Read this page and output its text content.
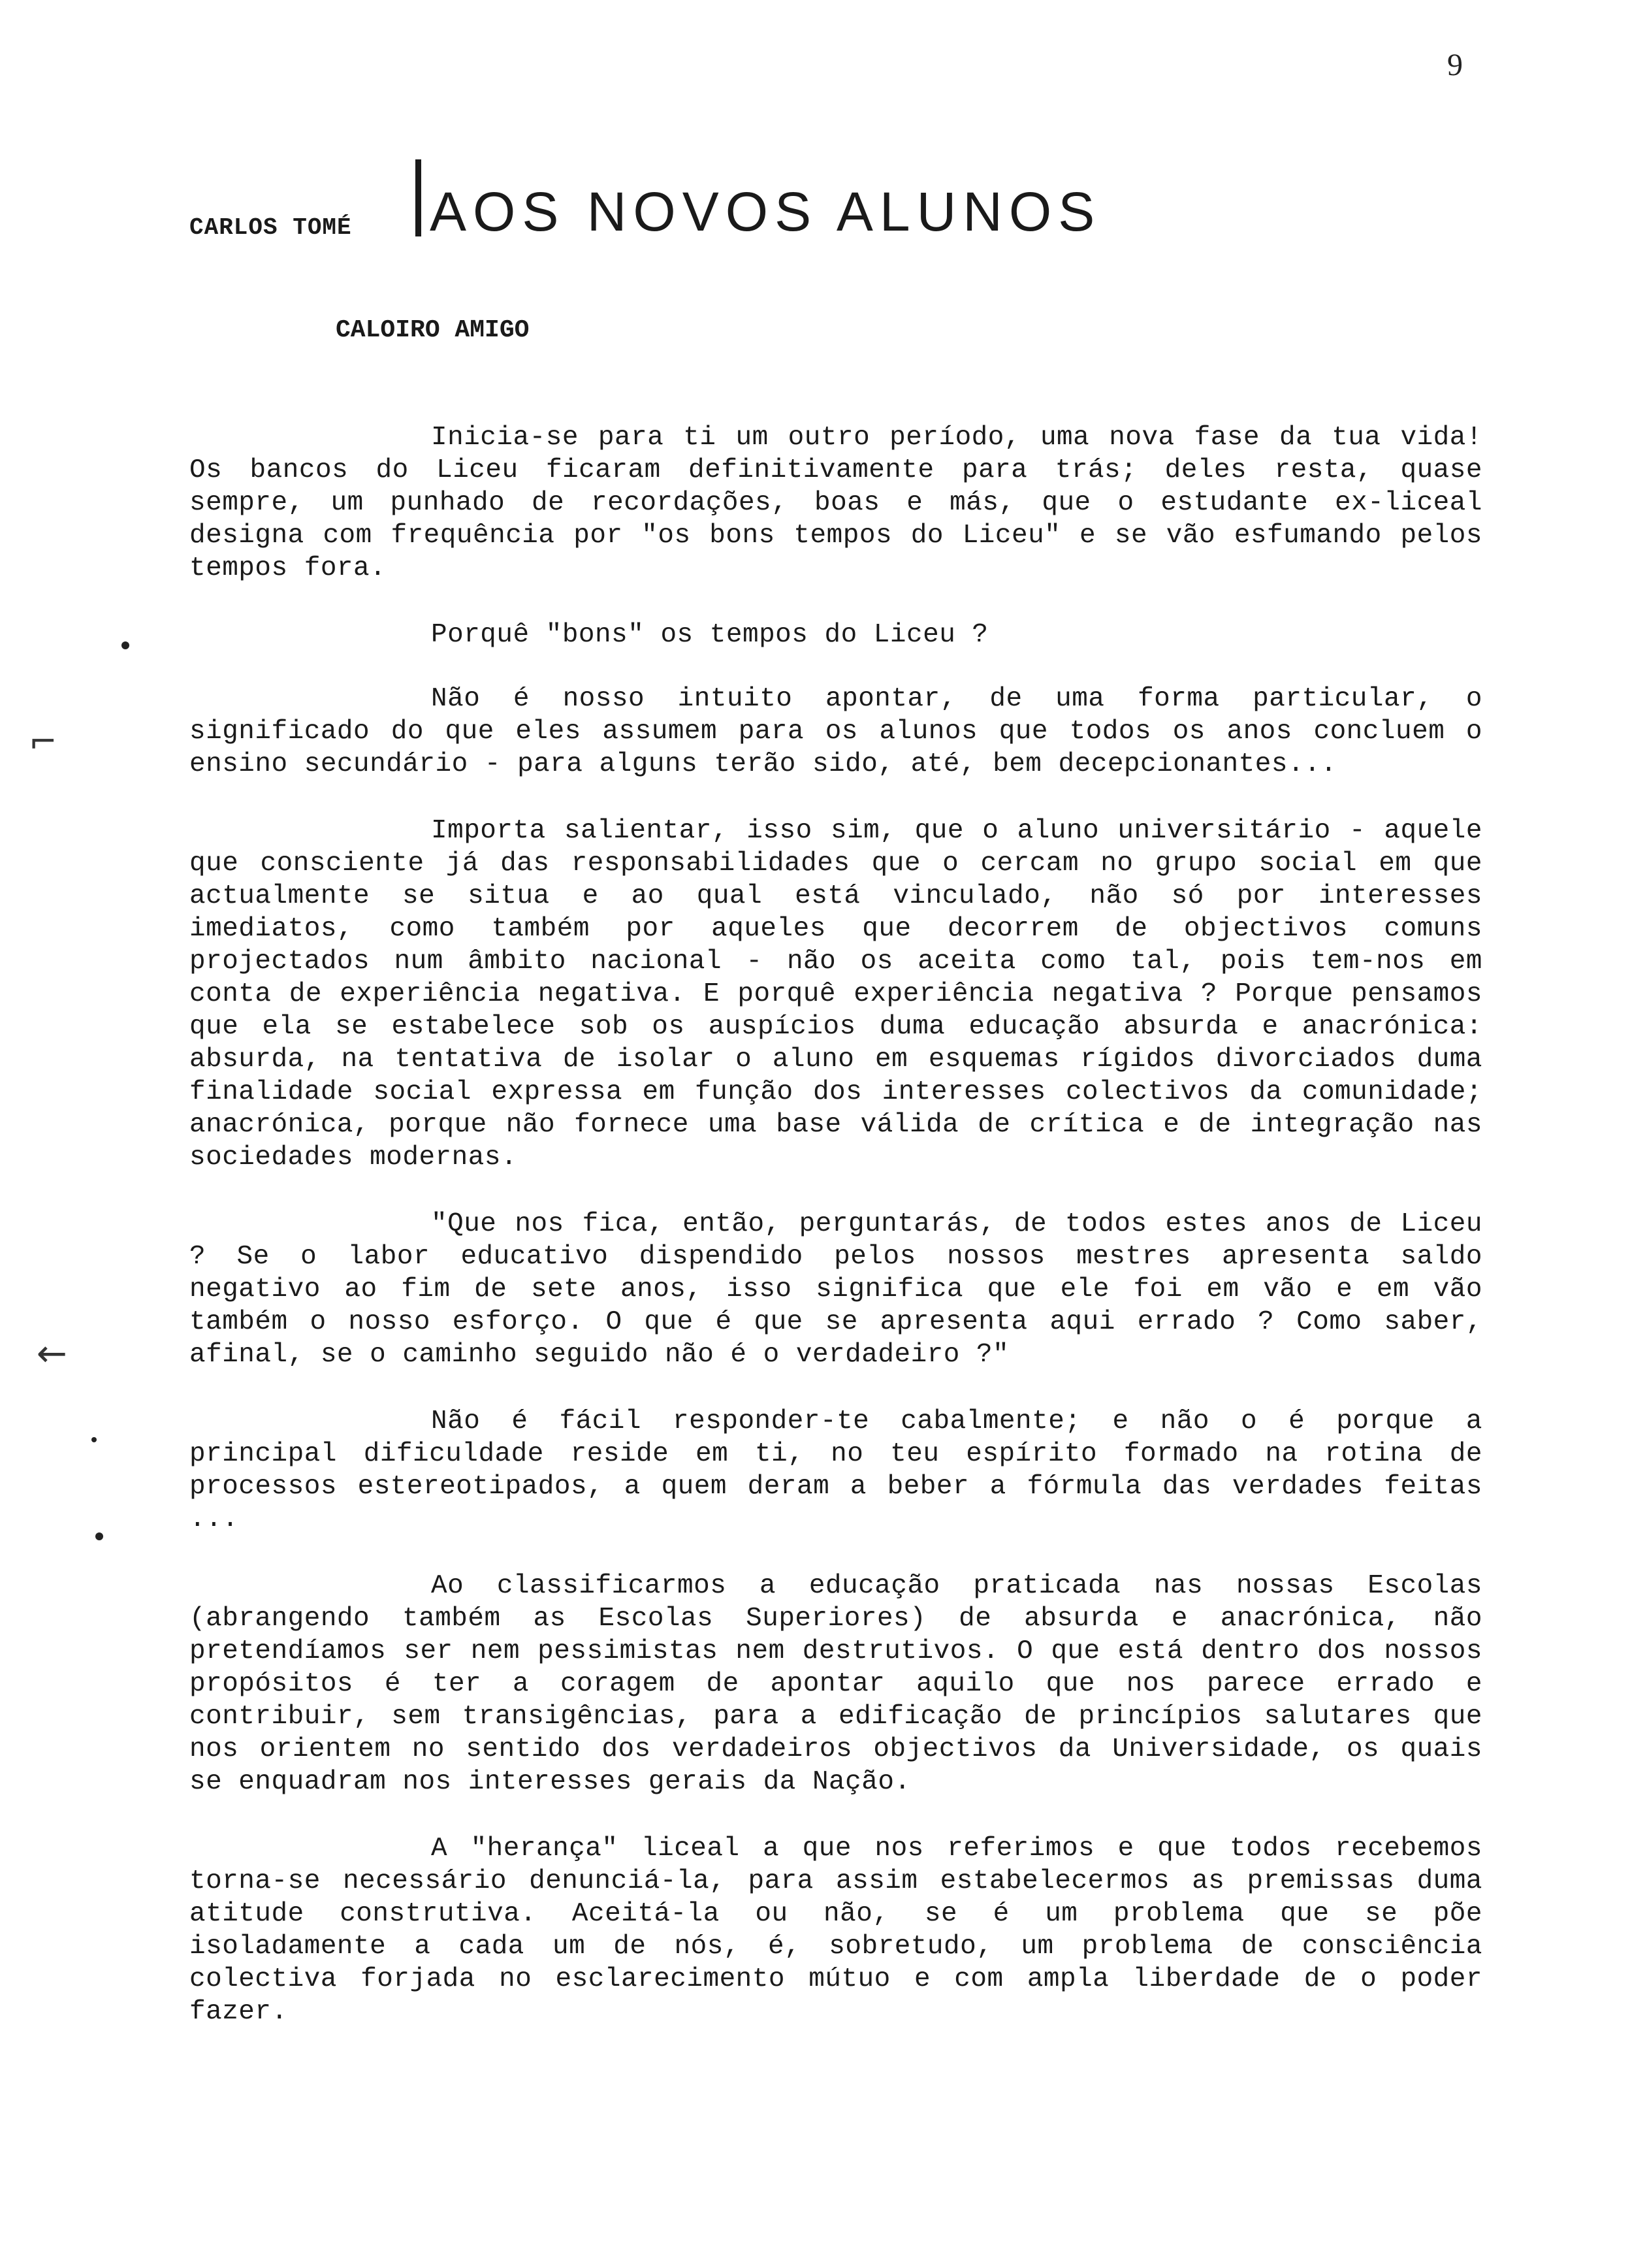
9
CARLOS TOMÉ AOS NOVOS ALUNOS
CALOIRO AMIGO

Inicia-se para ti um outro período, uma nova fase da tua vida! Os bancos do Liceu ficaram definitivamente para trás; deles resta, quase sempre, um punhado de recordações, boas e más, que o estudante ex-liceal designa com frequência por "os bons tempos do Liceu" e se vão esfumando pelos tempos fora.

Porquê "bons" os tempos do Liceu ?

Não é nosso intuito apontar, de uma forma particular, o significado do que eles assumem para os alunos que todos os anos concluem o ensino secundário - para alguns terão sido, até, bem decepcionantes...

Importa salientar, isso sim, que o aluno universitário - aquele que consciente já das responsabilidades que o cercam no grupo social em que actualmente se situa e ao qual está vinculado, não só por interesses imediatos, como também por aqueles que decorrem de objectivos comuns projectados num âmbito nacional - não os aceita como tal, pois tem-nos em conta de experiência negativa. E porquê experiência negativa ? Porque pensamos que ela se estabelece sob os auspícios duma educação absurda e anacrónica: absurda, na tentativa de isolar o aluno em esquemas rígidos divorciados duma finalidade social expressa em função dos interesses colectivos da comunidade; anacrónica, porque não fornece uma base válida de crítica e de integração nas sociedades modernas.

"Que nos fica, então, perguntarás, de todos estes anos de Liceu ? Se o labor educativo dispendido pelos nossos mestres apresenta saldo negativo ao fim de sete anos, isso significa que ele foi em vão e em vão também o nosso esforço. O que é que se apresenta aqui errado ? Como saber, afinal, se o caminho seguido não é o verdadeiro ?"

Não é fácil responder-te cabalmente; e não o é porque a principal dificuldade reside em ti, no teu espírito formado na rotina de processos estereotipados, a quem deram a beber a fórmula das verdades feitas ...

Ao classificarmos a educação praticada nas nossas Escolas (abrangendo também as Escolas Superiores) de absurda e anacrónica, não pretendíamos ser nem pessimistas nem destrutivos. O que está dentro dos nossos propósitos é ter a coragem de apontar aquilo que nos parece errado e contribuir, sem transigências, para a edificação de princípios salutares que nos orientem no sentido dos verdadeiros objectivos da Universidade, os quais se enquadram nos interesses gerais da Nação.

A "herança" liceal a que nos referimos e que todos recebemos torna-se necessário denunciá-la, para assim estabelecermos as premissas duma atitude construtiva. Aceitá-la ou não, se é um problema que se põe isoladamente a cada um de nós, é, sobretudo, um problema de consciência colectiva forjada no esclarecimento mútuo e com ampla liberdade de o poder fazer.

⌐
←
